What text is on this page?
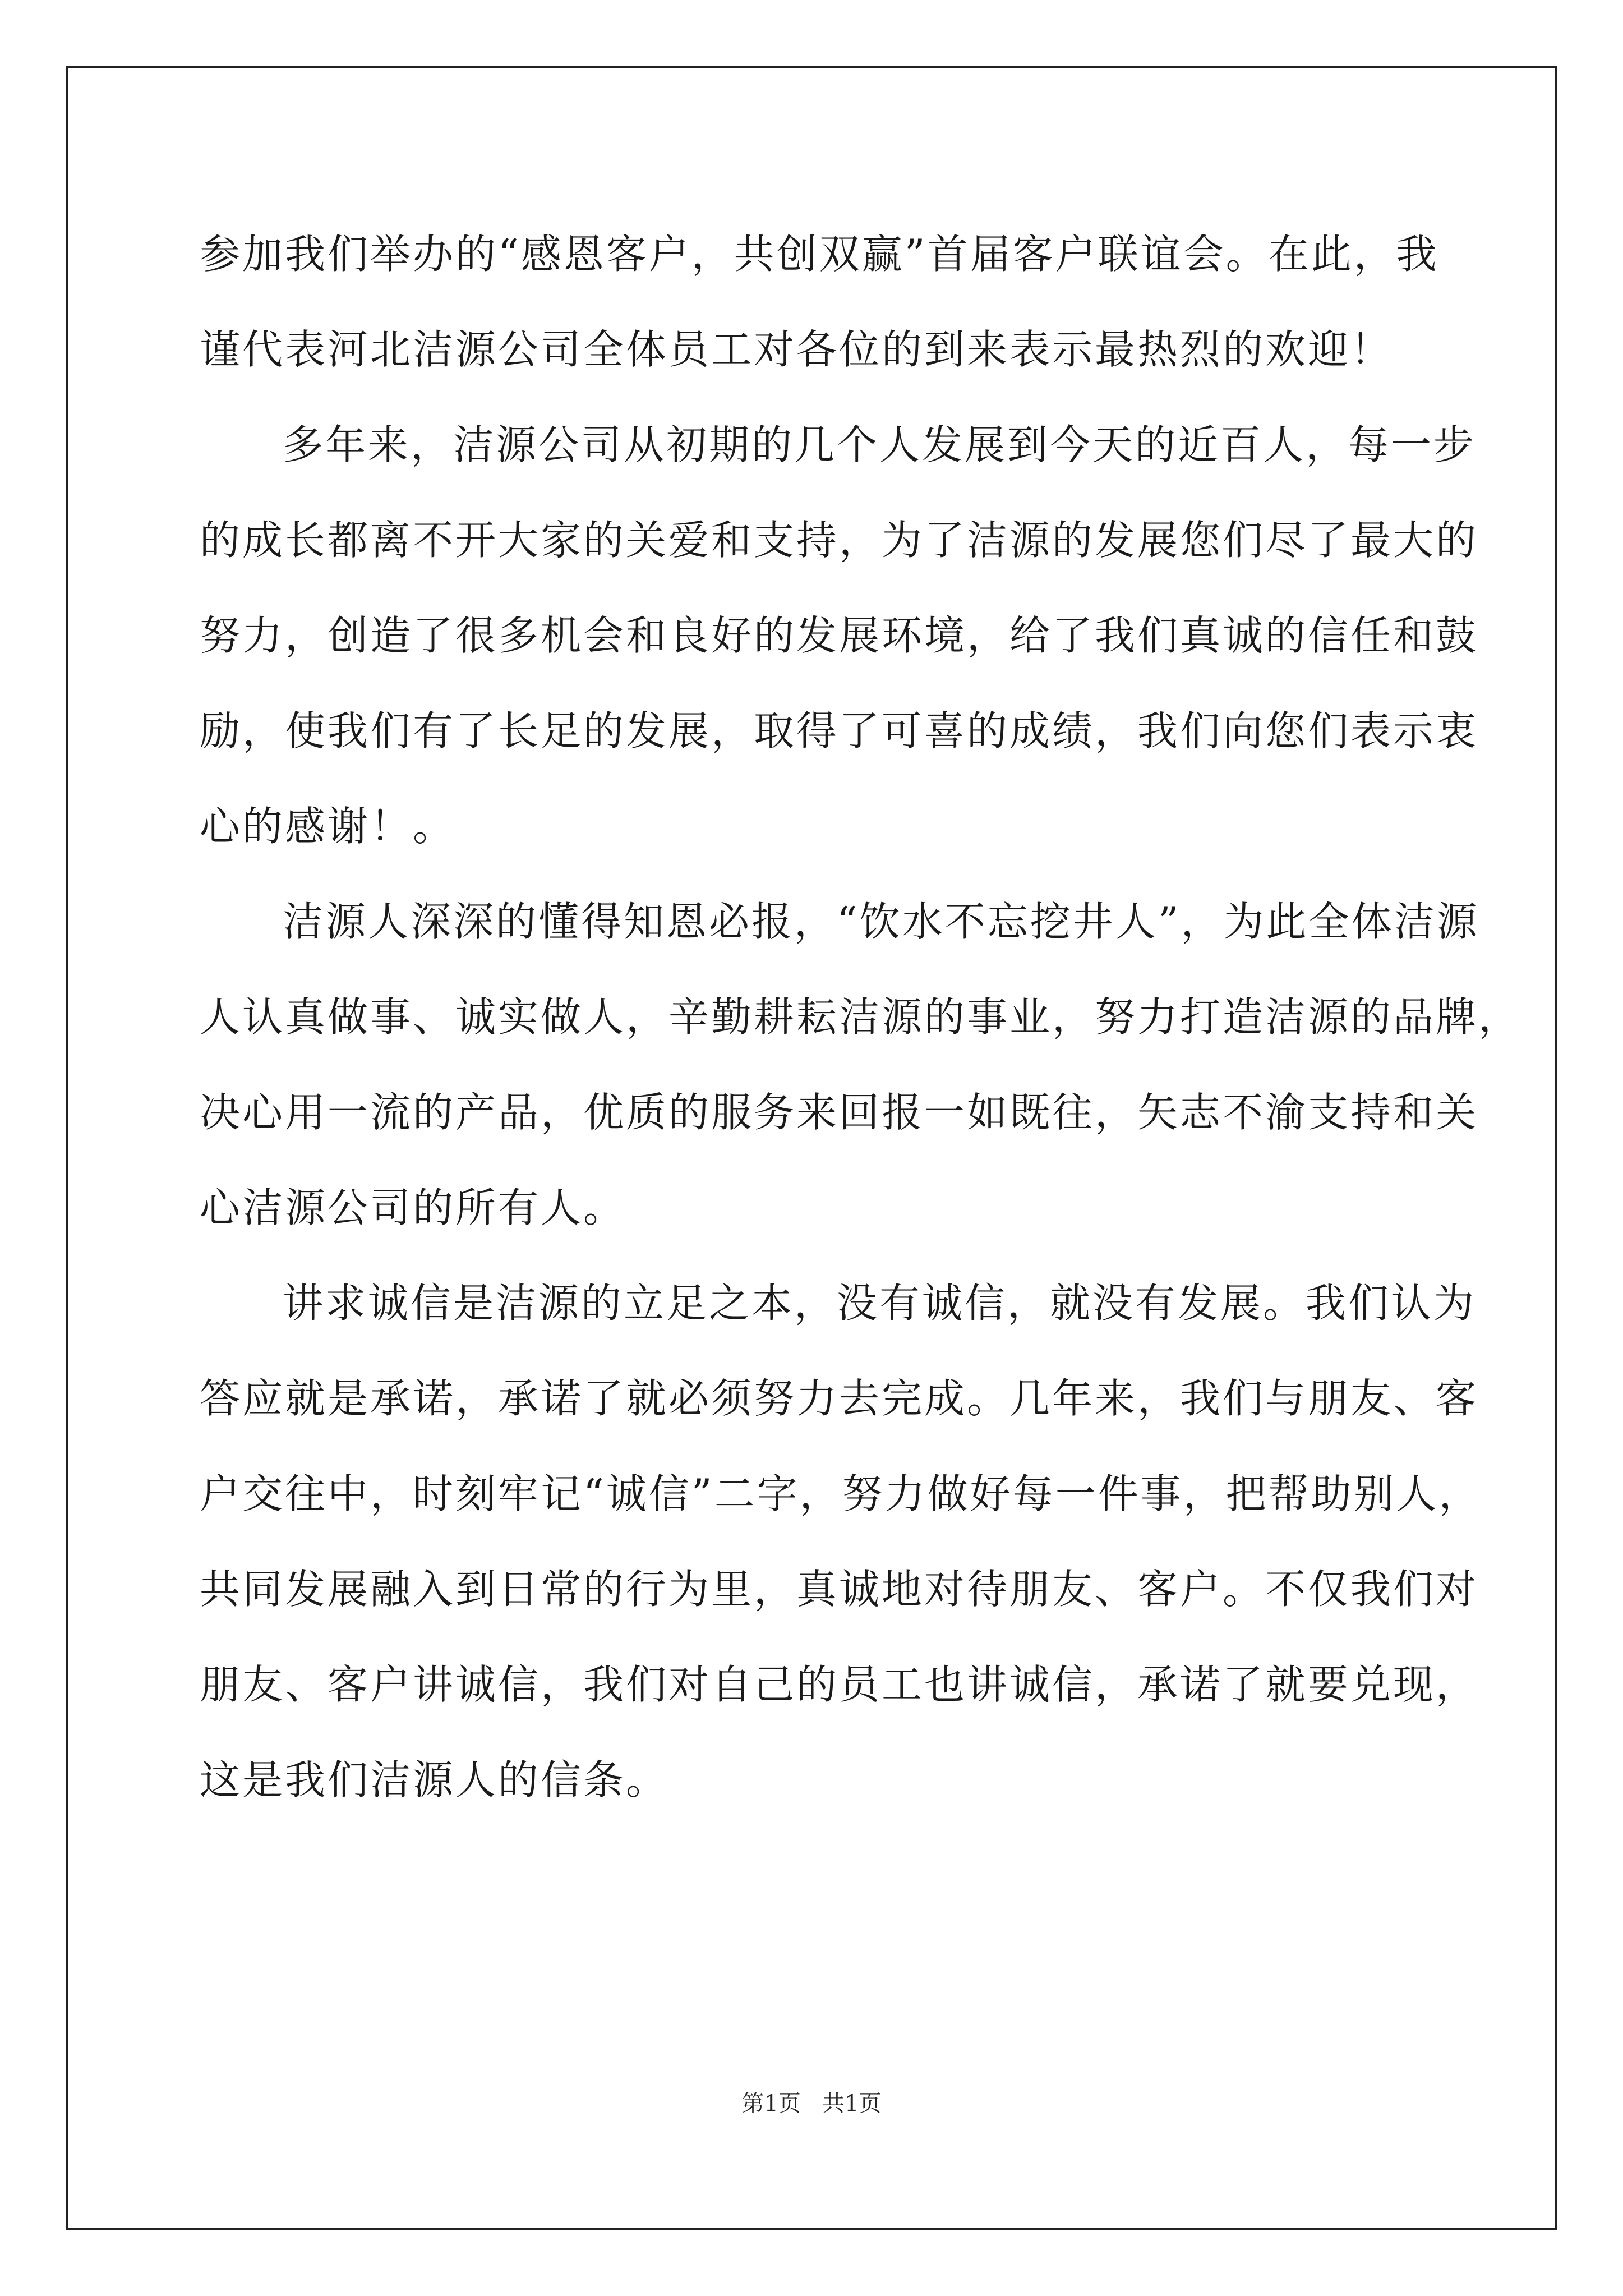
参加我们举办的“感恩客户，共创双赢”首届客户联谊会。在此，我
谨代表河北洁源公司全体员工对各位的到来表示最热烈的欢迎！
多年来，洁源公司从初期的几个人发展到今天的近百人，每一步
的成长都离不开大家的关爱和支持，为了洁源的发展您们尽了最大的
努力，创造了很多机会和良好的发展环境，给了我们真诚的信任和鼓
励，使我们有了长足的发展，取得了可喜的成绩，我们向您们表示衷
心的感谢！。
洁源人深深的懂得知恩必报，“饮水不忘挖井人”，为此全体洁源
人认真做事、诚实做人，辛勤耕耘洁源的事业，努力打造洁源的品牌，
决心用一流的产品，优质的服务来回报一如既往，矢志不渝支持和关
心洁源公司的所有人。
讲求诚信是洁源的立足之本，没有诚信，就没有发展。我们认为
答应就是承诺，承诺了就必须努力去完成。几年来，我们与朋友、客
户交往中，时刻牢记“诚信”二字，努力做好每一件事，把帮助别人，
共同发展融入到日常的行为里，真诚地对待朋友、客户。不仅我们对
朋友、客户讲诚信，我们对自己的员工也讲诚信，承诺了就要兑现，
这是我们洁源人的信条。
第1页   共1页
